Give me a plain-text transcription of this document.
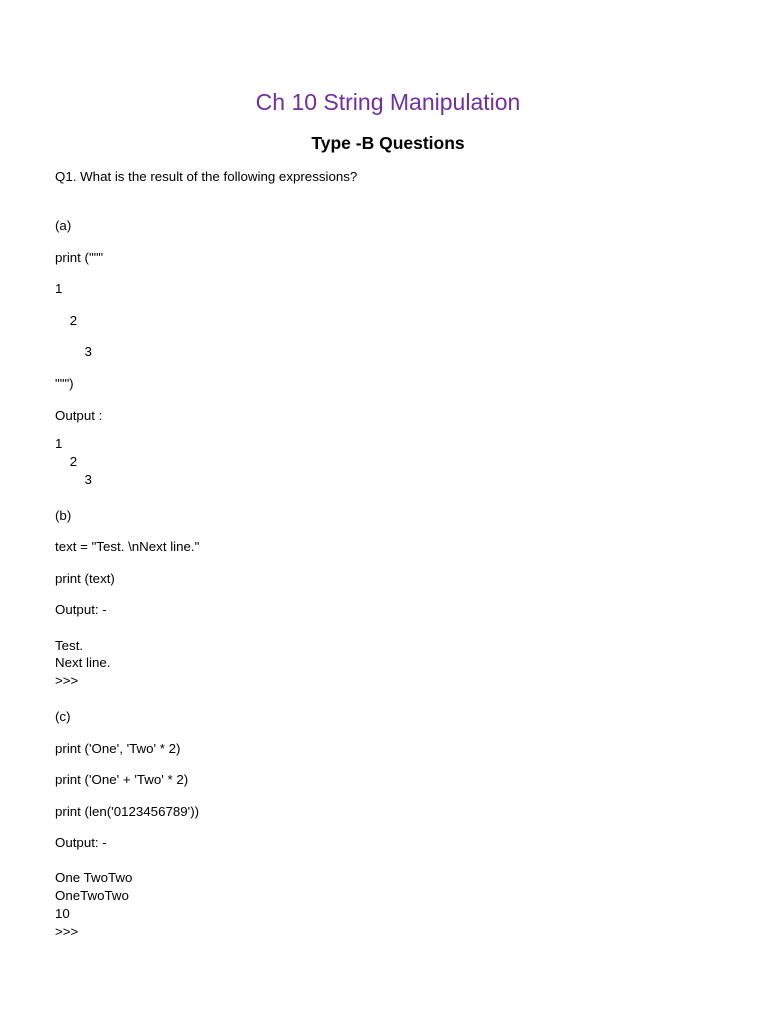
Ch 10 String Manipulation
Type -B Questions
Q1. What is the result of the following expressions?
(a)
print ("""
1
2
3
""")
Output :
1
2
3
(b)
text = "Test. \nNext line."
print (text)
Output: -
Test.
Next line.
>>>
(c)
print ('One', 'Two' * 2)
print ('One' + 'Two' * 2)
print (len('0123456789'))
Output: -
One TwoTwo
OneTwoTwo
10
>>>
